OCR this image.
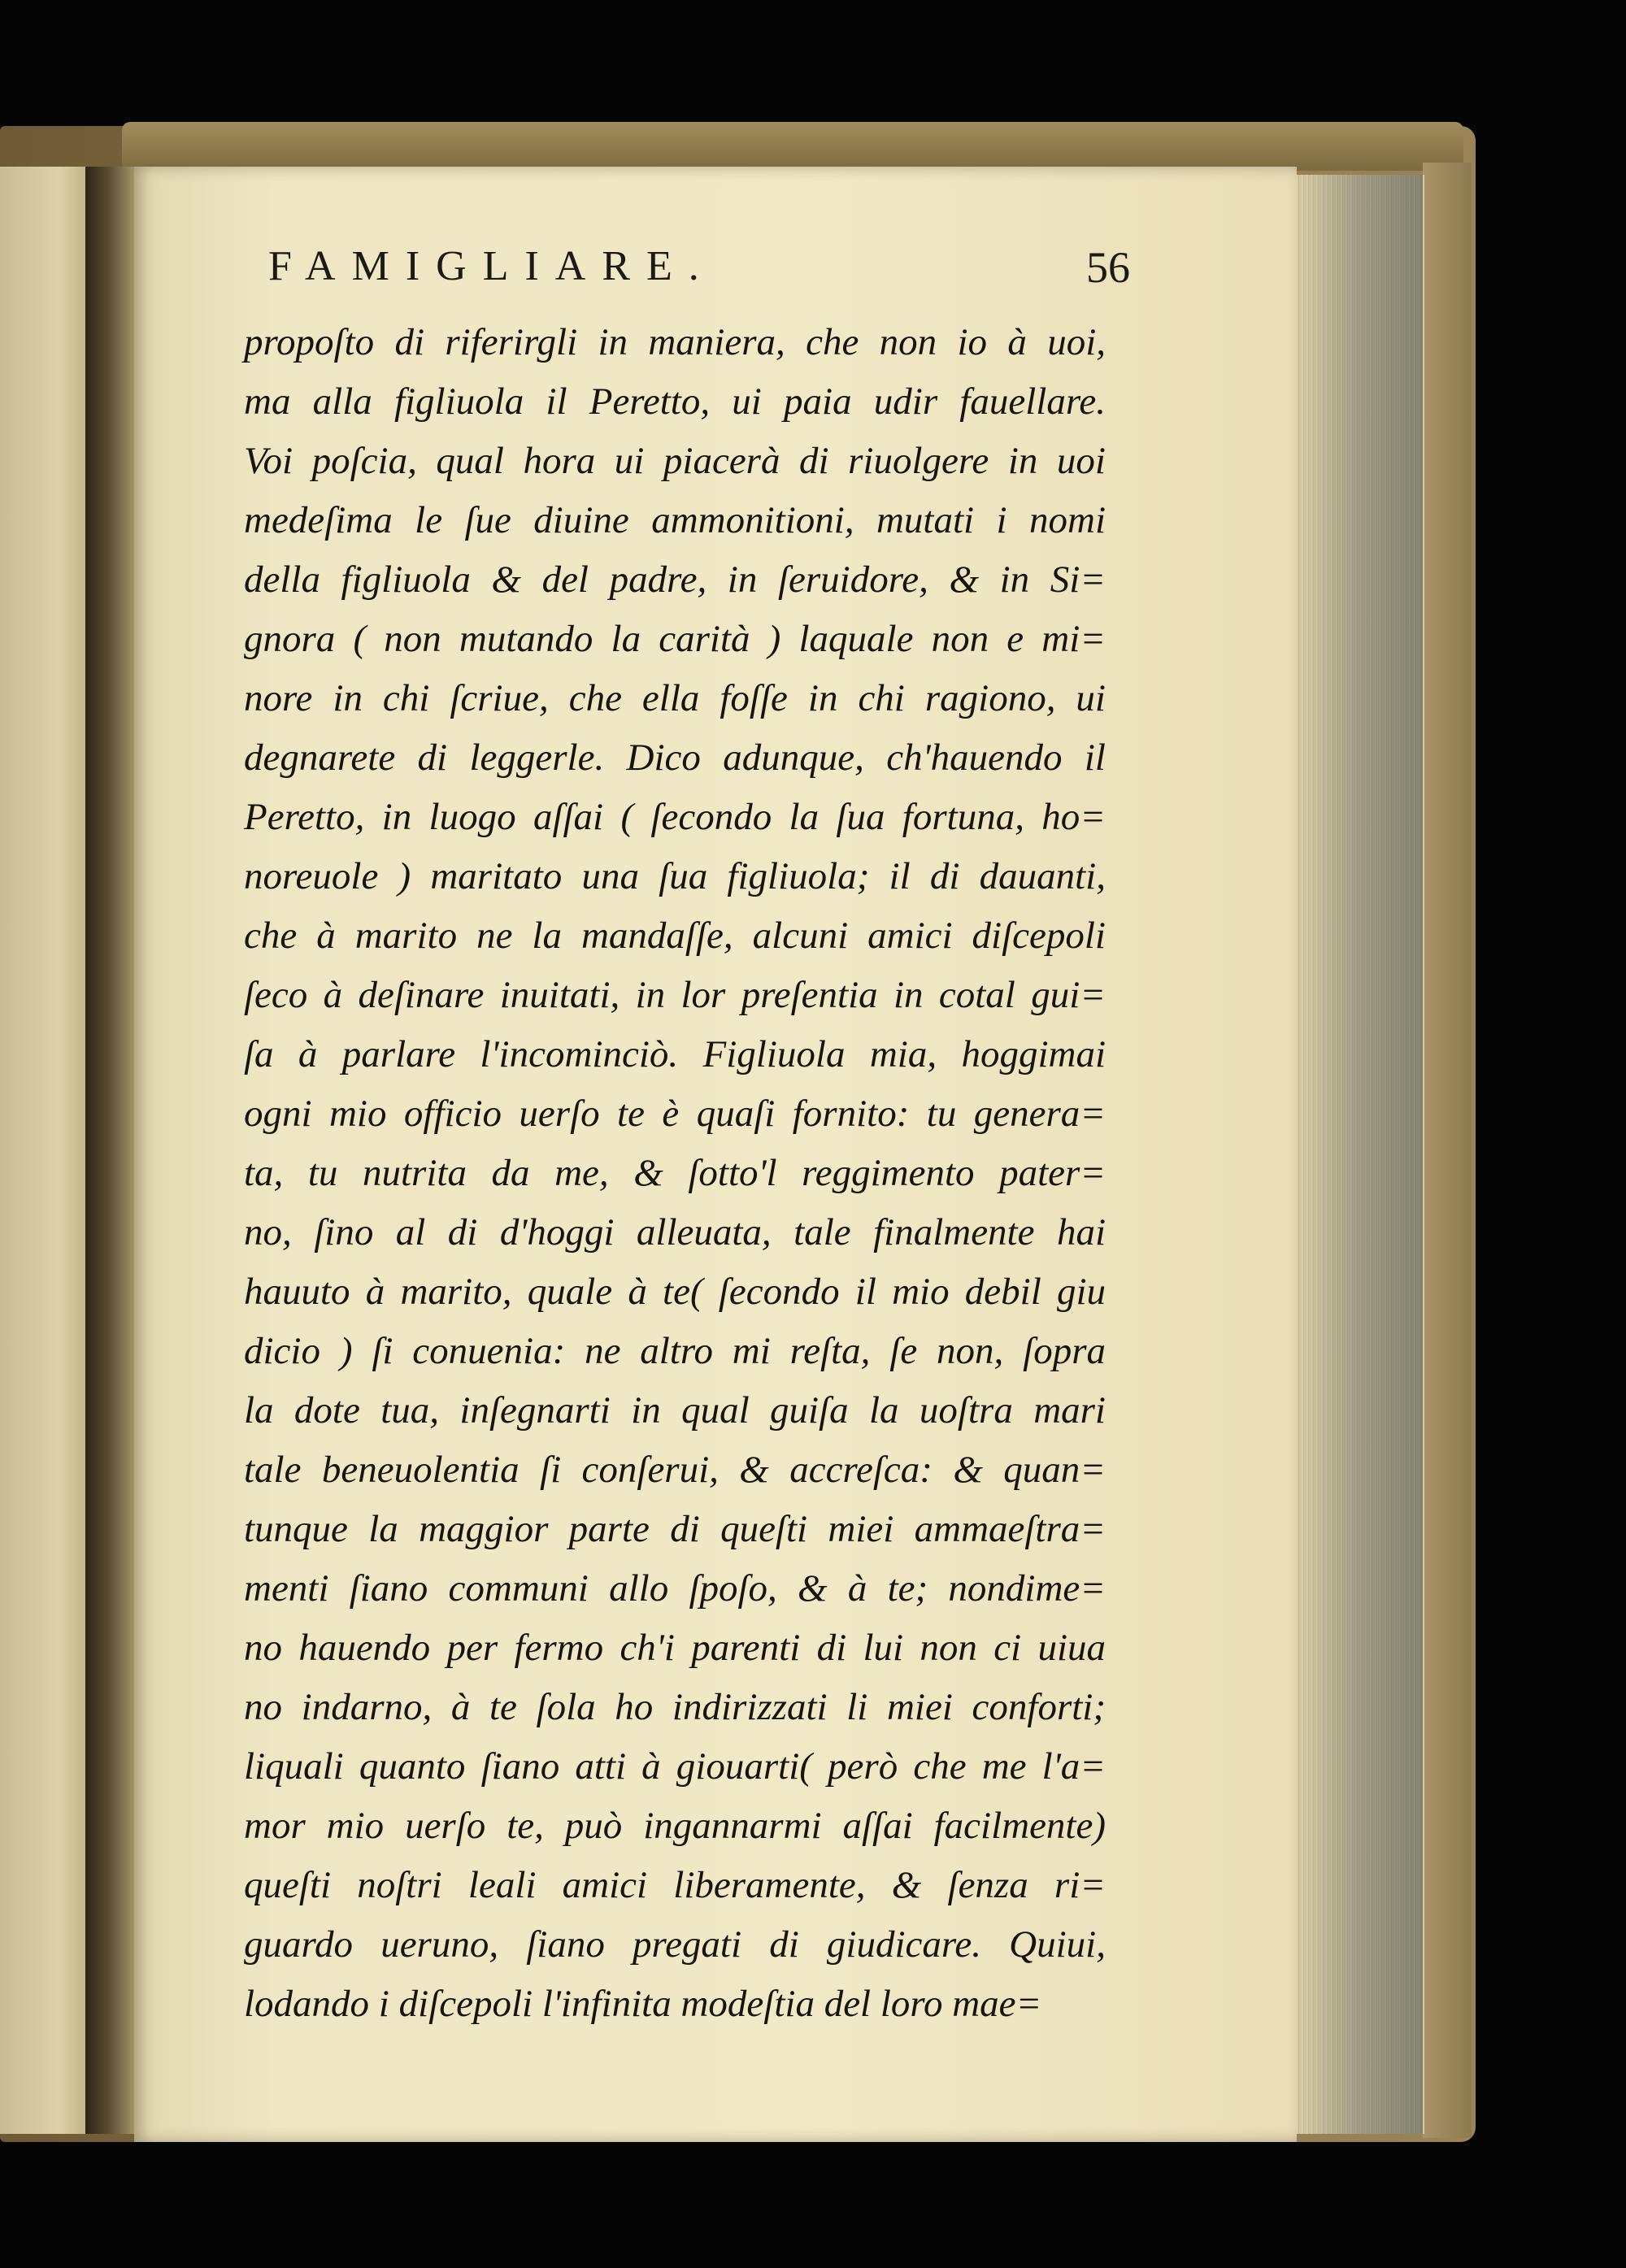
FAMIGLIARE.	56
propoſto di riferirgli in maniera, che non io à uoi,
ma alla figliuola il Peretto, ui paia udir fauellare.
Voi poſcia, qual hora ui piacerà di riuolgere in uoi
medeſima le ſue diuine ammonitioni, mutati i nomi
della figliuola & del padre, in ſeruidore, & in Si=
gnora ( non mutando la carità ) laquale non e mi=
nore in chi ſcriue, che ella foſſe in chi ragiono, ui
degnarete di leggerle. Dico adunque, ch'hauendo il
Peretto, in luogo aſſai ( ſecondo la ſua fortuna, ho=
noreuole ) maritato una ſua figliuola; il di dauanti,
che à marito ne la mandaſſe, alcuni amici diſcepoli
ſeco à deſinare inuitati, in lor preſentia in cotal gui=
ſa à parlare l'incominciò. Figliuola mia, hoggimai
ogni mio officio uerſo te è quaſi fornito: tu genera=
ta, tu nutrita da me, & ſotto'l reggimento pater=
no, ſino al di d'hoggi alleuata, tale finalmente hai
hauuto à marito, quale à te( ſecondo il mio debil giu
dicio ) ſi conuenia: ne altro mi reſta, ſe non, ſopra
la dote tua, inſegnarti in qual guiſa la uoſtra mari
tale beneuolentia ſi conſerui, & accreſca: & quan=
tunque la maggior parte di queſti miei ammaeſtra=
menti ſiano communi allo ſpoſo, & à te; nondime=
no hauendo per fermo ch'i parenti di lui non ci uiua
no indarno, à te ſola ho indirizzati li miei conforti;
liquali quanto ſiano atti à giouarti( però che me l'a=
mor mio uerſo te, può ingannarmi aſſai facilmente)
queſti noſtri leali amici liberamente, & ſenza ri=
guardo ueruno, ſiano pregati di giudicare. Quiui,
lodando i diſcepoli l'infinita modeſtia del loro mae=
